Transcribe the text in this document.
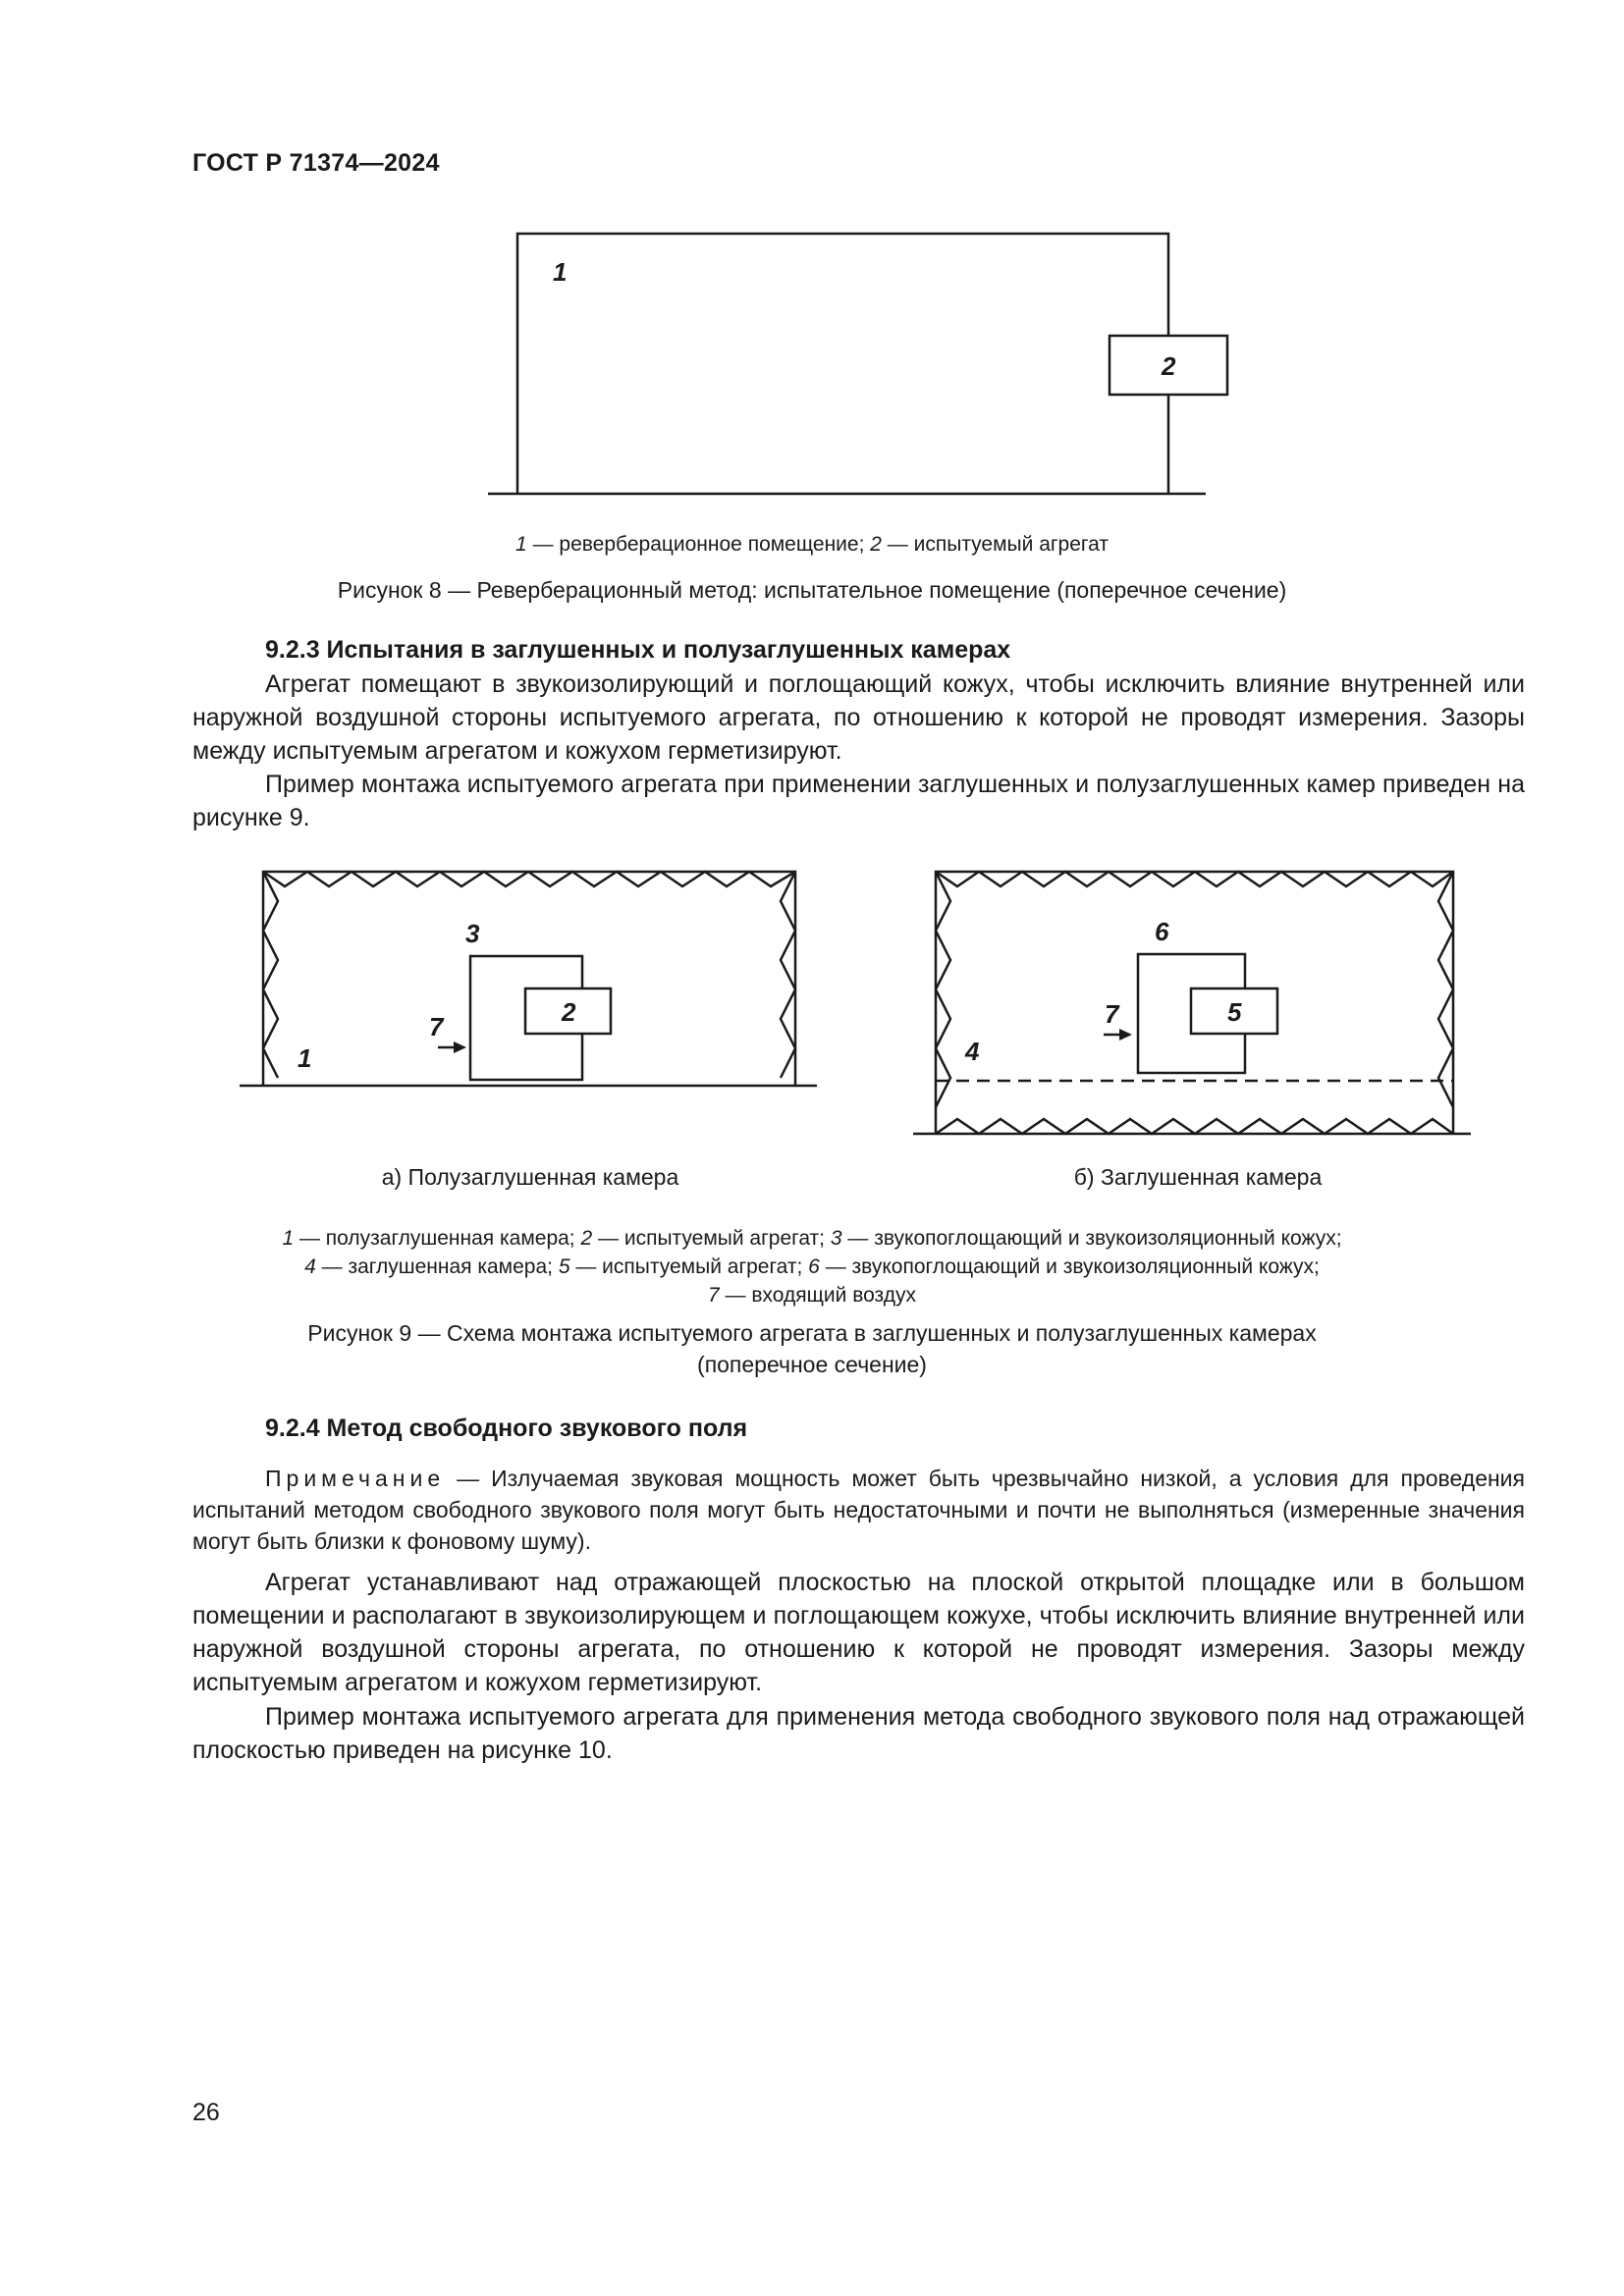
ГОСТ Р 71374—2024
1
2
1 — реверберационное помещение; 2 — испытуемый агрегат
Рисунок 8 — Реверберационный метод: испытательное помещение (поперечное сечение)
9.2.3 Испытания в заглушенных и полузаглушенных камерах

Агрегат помещают в звукоизолирующий и поглощающий кожух, чтобы исключить влияние внутренней или наружной воздушной стороны испытуемого агрегата, по отношению к которой не проводят измерения. Зазоры между испытуемым агрегатом и кожухом герметизируют.

Пример монтажа испытуемого агрегата при применении заглушенных и полузаглушенных камер приведен на рисунке 9.

3
2
7
1
6
5
7
4
а) Полузаглушенная камера	б) Заглушенная камера
1 — полузаглушенная камера; 2 — испытуемый агрегат; 3 — звукопоглощающий и звукоизоляционный кожух;
4 — заглушенная камера; 5 — испытуемый агрегат; 6 — звукопоглощающий и звукоизоляционный кожух;
7 — входящий воздух
Рисунок 9 — Схема монтажа испытуемого агрегата в заглушенных и полузаглушенных камерах
(поперечное сечение)
9.2.4 Метод свободного звукового поля

Примечание — Излучаемая звуковая мощность может быть чрезвычайно низкой, а условия для проведения испытаний методом свободного звукового поля могут быть недостаточными и почти не выполняться (измеренные значения могут быть близки к фоновому шуму).

Агрегат устанавливают над отражающей плоскостью на плоской открытой площадке или в большом помещении и располагают в звукоизолирующем и поглощающем кожухе, чтобы исключить влияние внутренней или наружной воздушной стороны агрегата, по отношению к которой не проводят измерения. Зазоры между испытуемым агрегатом и кожухом герметизируют.

Пример монтажа испытуемого агрегата для применения метода свободного звукового поля над отражающей плоскостью приведен на рисунке 10.

26
